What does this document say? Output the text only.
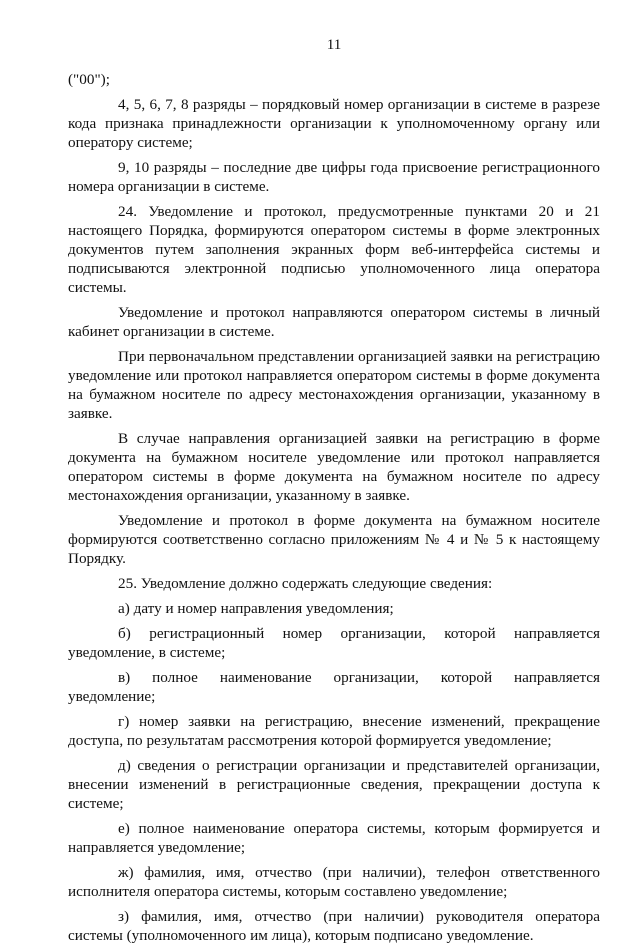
11

("00");

4, 5, 6, 7, 8 разряды – порядковый номер организации в системе в разрезе кода признака принадлежности организации к уполномоченному органу или оператору системе;

9, 10 разряды – последние две цифры года присвоение регистрационного номера организации в системе.

24. Уведомление и протокол, предусмотренные пунктами 20 и 21 настоящего Порядка, формируются оператором системы в форме электронных документов путем заполнения экранных форм веб-интерфейса системы и подписываются электронной подписью уполномоченного лица оператора системы.

Уведомление и протокол направляются оператором системы в личный кабинет организации в системе.

При первоначальном представлении организацией заявки на регистрацию уведомление или протокол направляется оператором системы в форме документа на бумажном носителе по адресу местонахождения организации, указанному в заявке.

В случае направления организацией заявки на регистрацию в форме документа на бумажном носителе уведомление или протокол направляется оператором системы в форме документа на бумажном носителе по адресу местонахождения организации, указанному в заявке.

Уведомление и протокол в форме документа на бумажном носителе формируются соответственно согласно приложениям № 4 и № 5 к настоящему Порядку.

25. Уведомление должно содержать следующие сведения:

а) дату и номер направления уведомления;

б) регистрационный номер организации, которой направляется уведомление, в системе;

в) полное наименование организации, которой направляется уведомление;

г) номер заявки на регистрацию, внесение изменений, прекращение доступа, по результатам рассмотрения которой формируется уведомление;

д) сведения о регистрации организации и представителей организации, внесении изменений в регистрационные сведения, прекращении доступа к системе;

е) полное наименование оператора системы, которым формируется и направляется уведомление;

ж) фамилия, имя, отчество (при наличии), телефон ответственного исполнителя оператора системы, которым составлено уведомление;

з) фамилия, имя, отчество (при наличии) руководителя оператора системы (уполномоченного им лица), которым подписано уведомление.
